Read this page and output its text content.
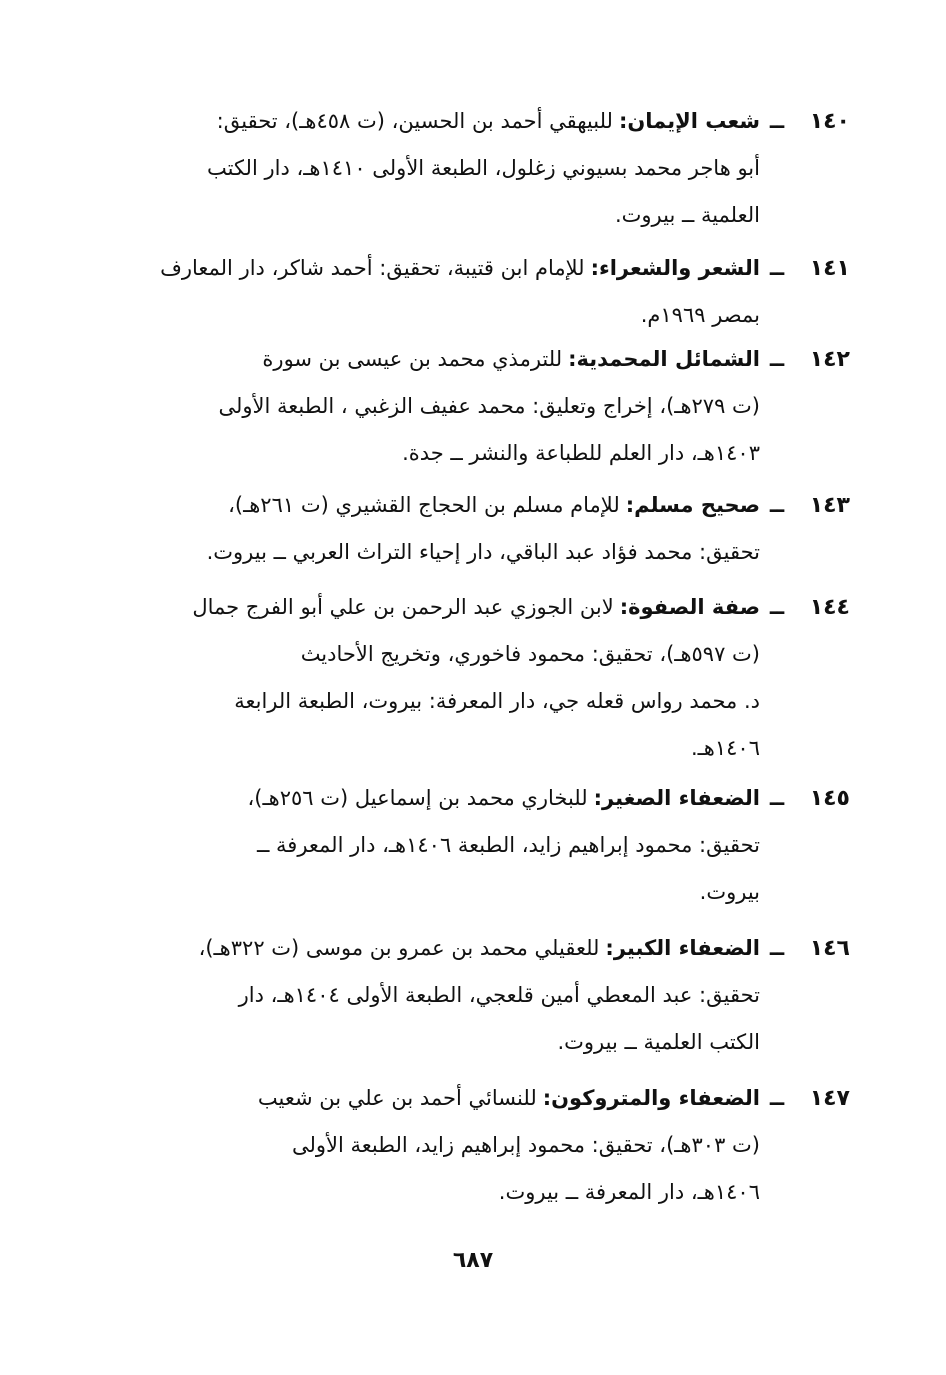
١٤٠
ــ
شعب الإيمان:
للبيهقي أحمد بن الحسين، (ت ٤٥٨هـ)، تحقيق:
أبو هاجر محمد بسيوني زغلول، الطبعة الأولى ١٤١٠هـ، دار الكتب
العلمية ــ بيروت.
١٤١
ــ
الشعر والشعراء:
للإمام ابن قتيبة، تحقيق: أحمد شاكر، دار المعارف
بمصر ١٩٦٩م.
١٤٢
ــ
الشمائل المحمدية:
للترمذي محمد بن عيسى بن سورة
(ت ٢٧٩هـ)، إخراج وتعليق: محمد عفيف الزغبي ، الطبعة الأولى
١٤٠٣هـ، دار العلم للطباعة والنشر ــ جدة.
١٤٣
ــ
صحيح مسلم:
للإمام مسلم بن الحجاج القشيري (ت ٢٦١هـ)،
تحقيق: محمد فؤاد عبد الباقي، دار إحياء التراث العربي ــ بيروت.
١٤٤
ــ
صفة الصفوة:
لابن الجوزي عبد الرحمن بن علي أبو الفرج جمال
(ت ٥٩٧هـ)، تحقيق: محمود فاخوري، وتخريج الأحاديث
د. محمد رواس قعله جي، دار المعرفة: بيروت، الطبعة الرابعة
١٤٠٦هـ.
١٤٥
ــ
الضعفاء الصغير:
للبخاري محمد بن إسماعيل (ت ٢٥٦هـ)،
تحقيق: محمود إبراهيم زايد، الطبعة ١٤٠٦هـ، دار المعرفة ــ
بيروت.
١٤٦
ــ
الضعفاء الكبير:
للعقيلي محمد بن عمرو بن موسى (ت ٣٢٢هـ)،
تحقيق: عبد المعطي أمين قلعجي، الطبعة الأولى ١٤٠٤هـ، دار
الكتب العلمية ــ بيروت.
١٤٧
ــ
الضعفاء والمتروكون:
للنسائي أحمد بن علي بن شعيب
(ت ٣٠٣هـ)، تحقيق: محمود إبراهيم زايد، الطبعة الأولى
١٤٠٦هـ، دار المعرفة ــ بيروت.
٦٨٧
